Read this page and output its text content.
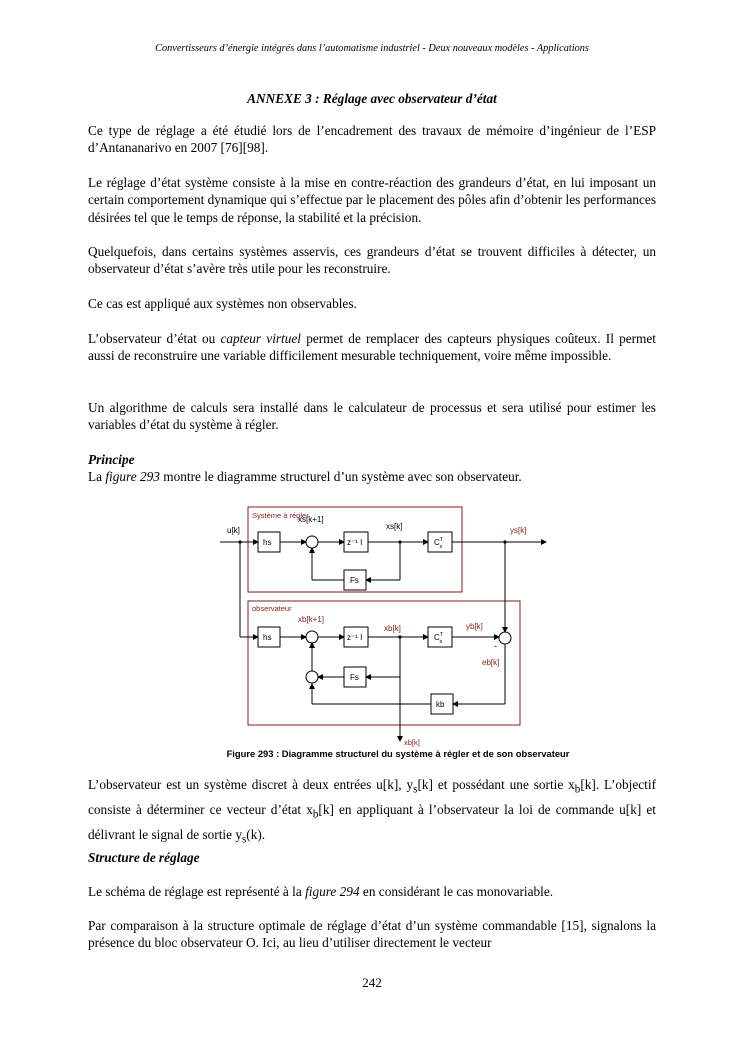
Convertisseurs d’énergie intégrés dans l’automatisme industriel - Deux nouveaux modèles - Applications
ANNEXE 3 : Réglage avec observateur d’état

Ce type de réglage a été étudié lors de l’encadrement des travaux de mémoire d’ingénieur de l’ESP d’Antananarivo en 2007 [76][98].

Le réglage d’état système consiste à la mise en contre-réaction des grandeurs d’état, en lui imposant un certain comportement dynamique qui s’effectue par le placement des pôles afin d’obtenir les performances désirées tel que le temps de réponse, la stabilité et la précision.

Quelquefois, dans certains systèmes asservis, ces grandeurs d’état se trouvent difficiles à détecter, un observateur d’état s’avère très utile pour les reconstruire.

Ce cas est appliqué aux systèmes non observables.

L’observateur d’état ou capteur virtuel permet de remplacer des capteurs physiques coûteux. Il permet aussi de reconstruire une variable difficilement mesurable techniquement, voire même impossible.

Un algorithme de calculs sera installé dans le calculateur de processus et sera utilisé pour estimer les variables d’état du système à régler.

Principe
La figure 293 montre le diagramme structurel d’un système avec son observateur.

Système à régler
observateur
u[k]
hs
xs[k+1]
z⁻¹ I
xs[k]
$C^T$ s
ys[k]
Fs
hs
xb[k+1]
z⁻¹ I
xb[k]
$C^T$ s
yb[k]
-
eb[k]
kb
Fs
xb[k]
Figure 293 : Diagramme structurel du système à régler et de son observateur

L’observateur est un système discret à deux entrées u[k], $y_s[k]$ et possédant une sortie $x_b[k]$. L’objectif consiste à déterminer ce vecteur d’état $x_b[k]$ en appliquant à l’observateur la loi de commande u[k] et délivrant le signal de sortie $y_s(k)$.

Structure de réglage

Le schéma de réglage est représenté à la figure 294 en considérant le cas monovariable.

Par comparaison à la structure optimale de réglage d’état d’un système commandable [15], signalons la présence du bloc observateur O. Ici, au lieu d’utiliser directement le vecteur

242
